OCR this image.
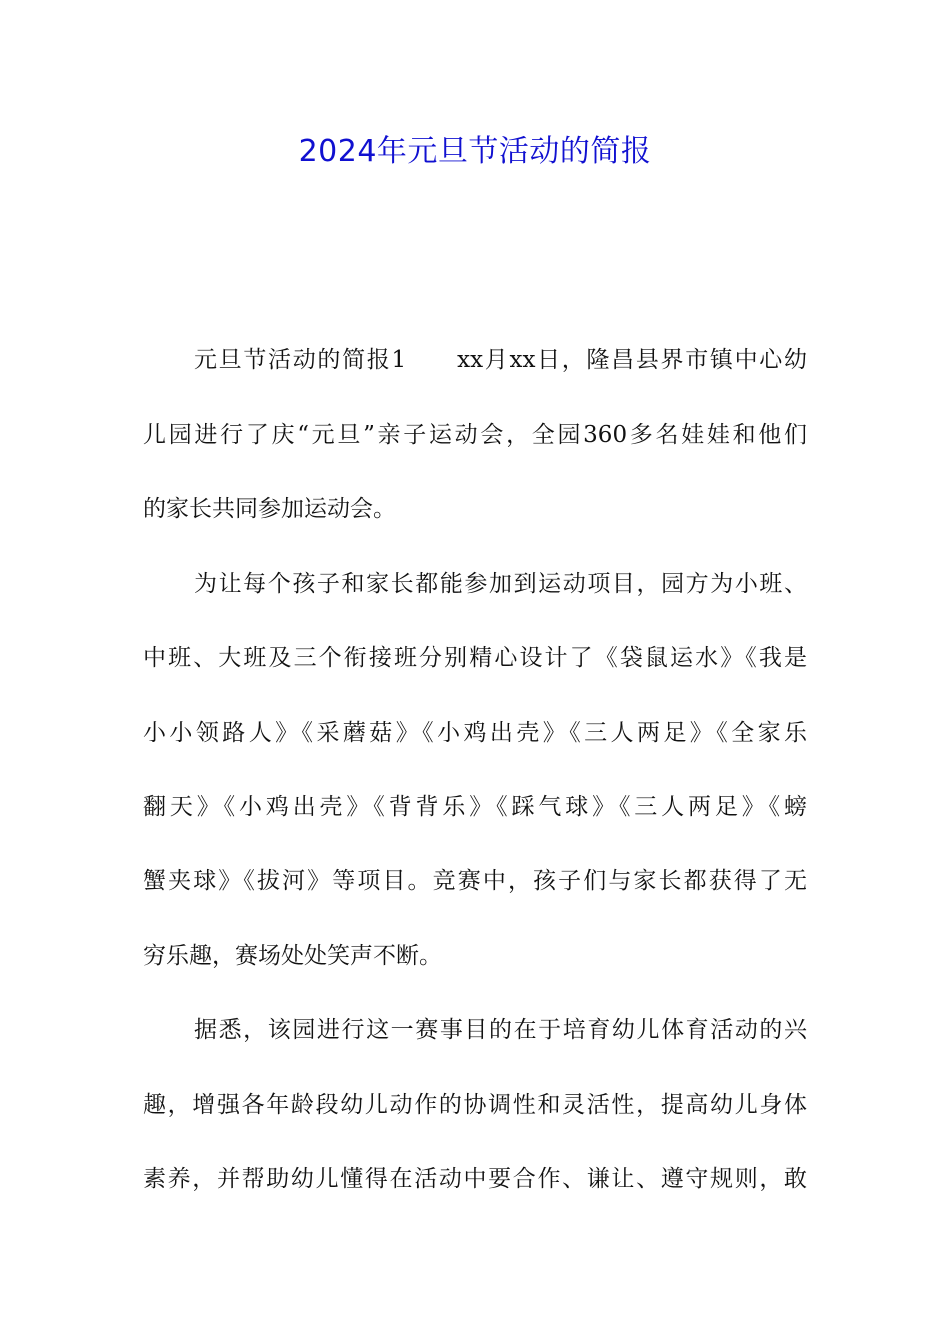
2024年元旦节活动的简报
元旦节活动的简报1　　xx月xx日，隆昌县界市镇中心幼
儿园进行了庆“元旦”亲子运动会，全园360多名娃娃和他们
的家长共同参加运动会。
为让每个孩子和家长都能参加到运动项目，园方为小班、
中班、大班及三个衔接班分别精心设计了《袋鼠运水》《我是
小小领路人》《采蘑菇》《小鸡出壳》《三人两足》《全家乐
翻天》《小鸡出壳》《背背乐》《踩气球》《三人两足》《螃
蟹夹球》《拔河》等项目。竞赛中，孩子们与家长都获得了无
穷乐趣，赛场处处笑声不断。
据悉，该园进行这一赛事目的在于培育幼儿体育活动的兴
趣，增强各年龄段幼儿动作的协调性和灵活性，提高幼儿身体
素养，并帮助幼儿懂得在活动中要合作、谦让、遵守规则，敢
